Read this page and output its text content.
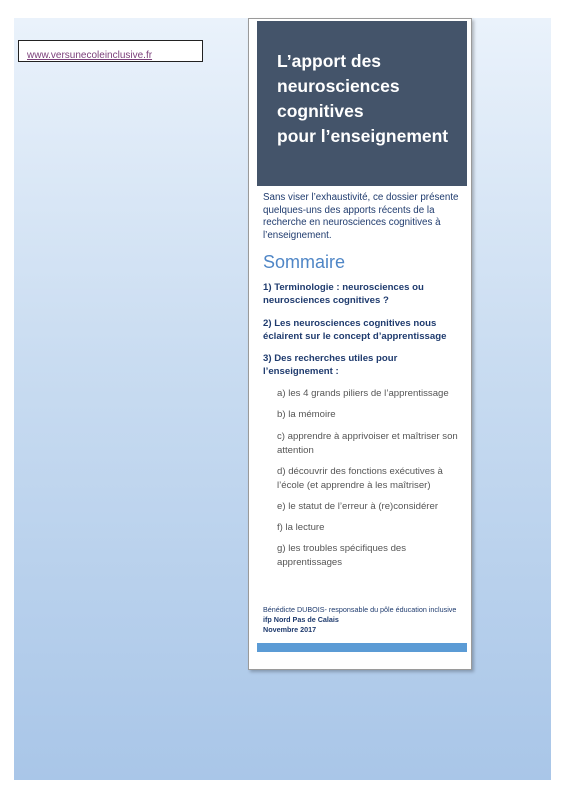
www.versunecoleinclusive.fr	L’apport des
neurosciences
cognitives
pour l’enseignement

Sans viser l’exhaustivité, ce dossier présente quelques-uns des apports récents de la recherche en neurosciences cognitives à l’enseignement.

Sommaire

1) Terminologie : neurosciences ou neurosciences cognitives ?

2) Les neurosciences cognitives nous éclairent sur le concept d’apprentissage

3) Des recherches utiles pour l’enseignement :

a) les 4 grands piliers de l’apprentissage

b) la mémoire

c) apprendre à apprivoiser et maîtriser son attention

d) découvrir des fonctions exécutives à l’école (et apprendre à les maîtriser)

e) le statut de l’erreur à (re)considérer

f) la lecture

g) les troubles spécifiques des apprentissages

Bénédicte DUBOIS- responsable du pôle éducation inclusive
ifp Nord Pas de Calais
Novembre 2017
